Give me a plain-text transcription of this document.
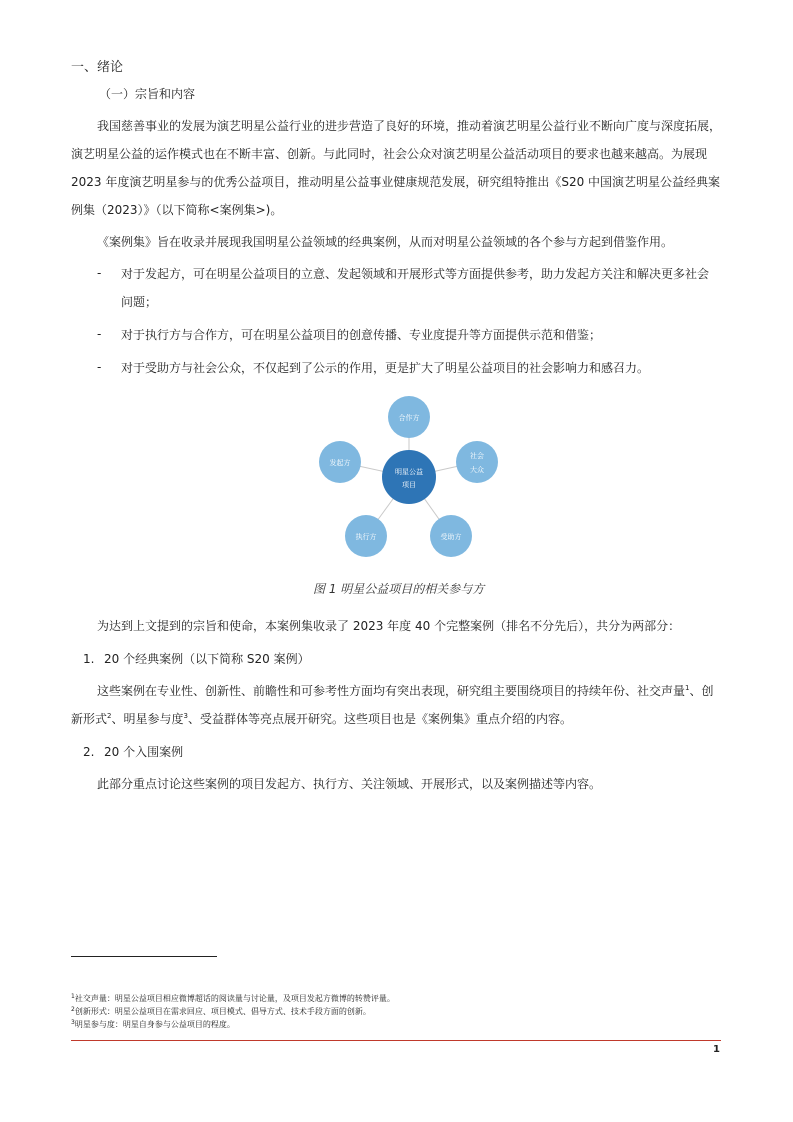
一、绪论
（一）宗旨和内容
我国慈善事业的发展为演艺明星公益行业的进步营造了良好的环境，推动着演艺明星公益行业不断向广度与深度拓展，
演艺明星公益的运作模式也在不断丰富、创新。与此同时，社会公众对演艺明星公益活动项目的要求也越来越高。为展现
2023 年度演艺明星参与的优秀公益项目，推动明星公益事业健康规范发展，研究组特推出《S20 中国演艺明星公益经典案
例集（2023）》（以下简称<案例集>)。
《案例集》旨在收录并展现我国明星公益领域的经典案例，从而对明星公益领域的各个参与方起到借鉴作用。
- 对于发起方，可在明星公益项目的立意、发起领域和开展形式等方面提供参考，助力发起方关注和解决更多社会
问题；
- 对于执行方与合作方，可在明星公益项目的创意传播、专业度提升等方面提供示范和借鉴；
- 对于受助方与社会公众，不仅起到了公示的作用，更是扩大了明星公益项目的社会影响力和感召力。
合作方
社会
大众
受助方
执行方
发起方
明星公益
项目
图 1 明星公益项目的相关参与方
为达到上文提到的宗旨和使命，本案例集收录了 2023 年度 40 个完整案例（排名不分先后），共分为两部分：
1. 20 个经典案例（以下简称 S20 案例）
这些案例在专业性、创新性、前瞻性和可参考性方面均有突出表现，研究组主要围绕项目的持续年份、社交声量$^1$、创
新形式$^2$、明星参与度$^3$、受益群体等亮点展开研究。这些项目也是《案例集》重点介绍的内容。
2. 20 个入围案例
此部分重点讨论这些案例的项目发起方、执行方、关注领域、开展形式，以及案例描述等内容。
$^1$社交声量：明星公益项目相应微博超话的阅读量与讨论量，及项目发起方微博的转赞评量。
$^2$创新形式：明星公益项目在需求回应、项目模式、倡导方式、技术手段方面的创新。
$^3$明星参与度：明星自身参与公益项目的程度。
1
